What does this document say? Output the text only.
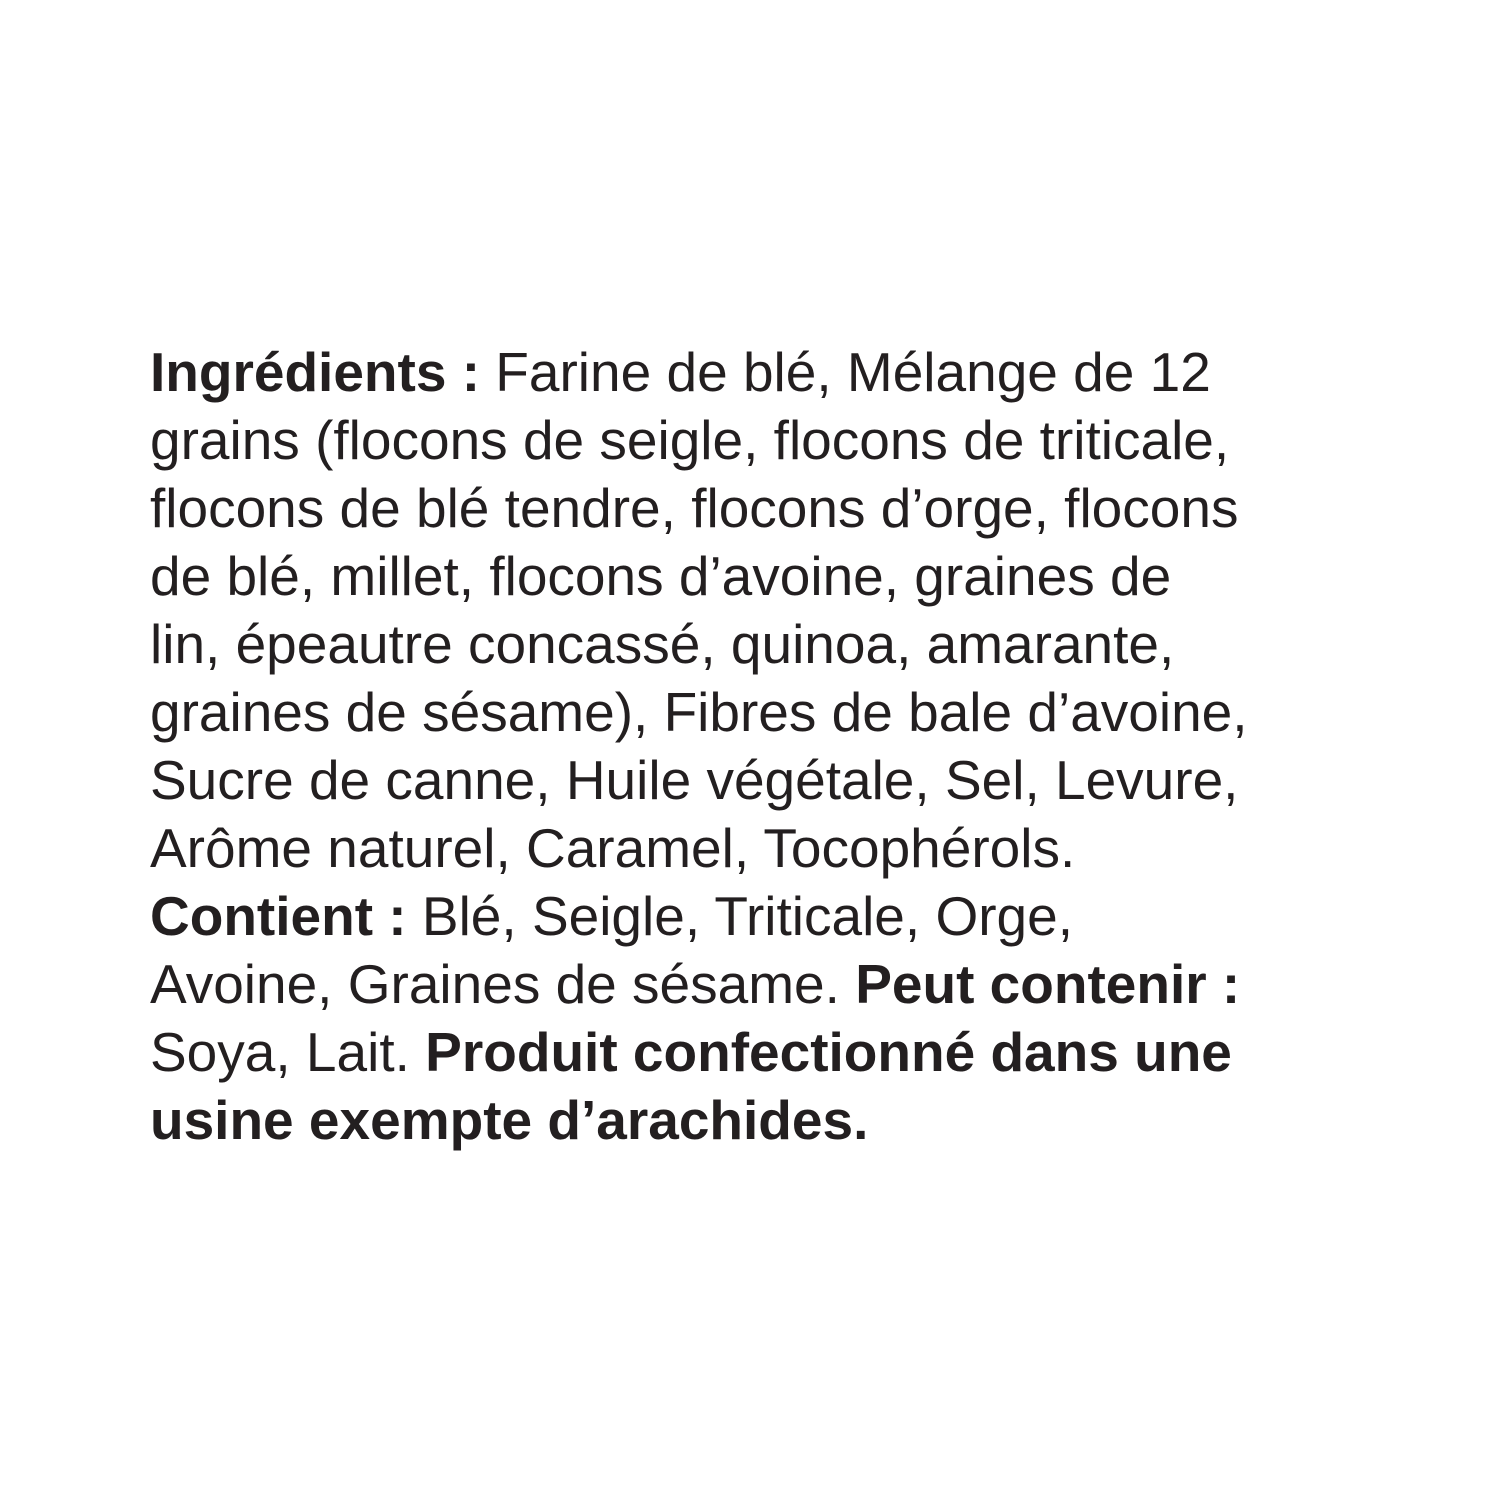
Ingrédients : Farine de blé, Mélange de 12
grains (flocons de seigle, flocons de triticale,
flocons de blé tendre, flocons d’orge, flocons
de blé, millet, flocons d’avoine, graines de
lin, épeautre concassé, quinoa, amarante,
graines de sésame), Fibres de bale d’avoine,
Sucre de canne, Huile végétale, Sel, Levure,
Arôme naturel, Caramel, Tocophérols.
Contient : Blé, Seigle, Triticale, Orge,
Avoine, Graines de sésame. Peut contenir :
Soya, Lait. Produit confectionné dans une
usine exempte d’arachides.
